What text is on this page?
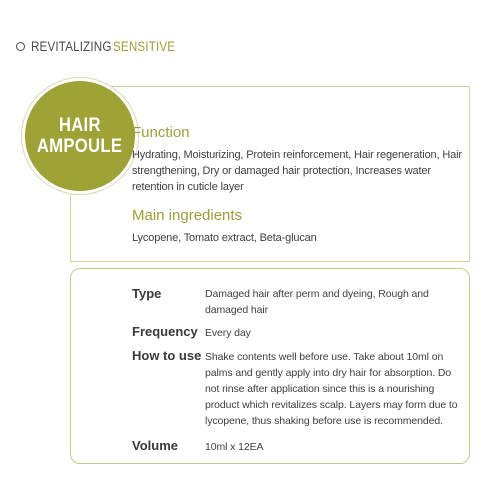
REVITALIZING SENSITIVE
HAIR
AMPOULE
Function
Hydrating, Moisturizing, Protein reinforcement, Hair regeneration, Hair strengthening, Dry or damaged hair protection, Increases water retention in cuticle layer
Main ingredients
Lycopene, Tomato extract, Beta-glucan
Type	Damaged hair after perm and dyeing, Rough and damaged hair
Frequency Every day
How to use Shake contents well before use. Take about 10ml on palms and gently apply into dry hair for absorption. Do not rinse after application since this is a nourishing product which revitalizes scalp. Layers may form due to lycopene, thus shaking before use is recommended.
Volume	10ml x 12EA
